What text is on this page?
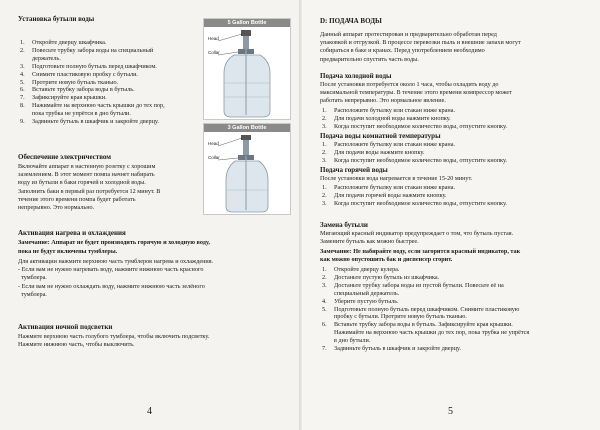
Установка бутыли воды

1. Откройте дверцу шкафчика.
2. Повесьте трубку забора воды на специальный
держатель.
3. Подготовьте полную бутыль перед шкафчиком.
4. Снимите пластиковую пробку с бутыли.
5. Протрите новую бутыль тканью.
6. Вставьте трубку забора воды в бутыль.
7. Зафиксируйте края крышки.
8. Нажимайте на верхнюю часть крышки до тех пор,
пока трубка не упрётся в дно бутыли.
9. Задвиньте бутыль в шкафчик и закройте дверцу.
5 Gallon Bottle
Head
Collar
3 Gallon Bottle
Head
Collar

Обеспечение электричеством

Включайте аппарат в настенную розетку с хорошим

заземлением. В этот момент помпа начнет набирать

воду из бутыли в баки горячей и холодной воды.

Заполнить баки в первый раз потребуется 12 минут. В

течение этого времени помпа будет работать

непрерывно. Это нормально.

Активация нагрева и охлаждения

Замечание: Аппарат не будет производить горячую и холодную воду,

пока не будут включены тумблеры.

Для активации нажмите верхнюю часть тумблеров нагрева и охлаждения.

- Если вам не нужно нагревать воду, нажмите нижнюю часть красного

тумблера.

- Если вам не нужно охлаждать воду, нажмите нижнюю часть зелёного

тумблера.

Активация ночной подсветки

Нажмите верхнюю часть голубого тумблера, чтобы включить подсветку.

Нажмите нижнюю часть, чтобы выключить.

4

D: ПОДАЧА ВОДЫ

Данный аппарат протестирован и предварительно обработан перед

упаковкой и отгрузкой. В процессе перевозки пыль и внешние запахи могут

собираться в баке и кранах. Перед употреблением необходимо

предварительно спустить часть воды.

Подача холодной воды

После установки потребуется около 1 часа, чтобы охладить воду до

максимальной температуры. В течение этого времени компрессор может

работать непрерывно. Это нормальное явление.

1. Расположите бутылку или стакан ниже крана.
2. Для подачи холодной воды нажмите кнопку.
3. Когда поступит необходимое количество воды, отпустите кнопку.

Подача воды комнатной температуры

1. Расположите бутылку или стакан ниже крана.
2. Для подачи воды нажмите кнопку.
3. Когда поступит необходимое количество воды, отпустите кнопку.

Подача горячей воды

После установки вода нагревается в течение 15-20 минут.

1. Расположите бутылку или стакан ниже крана.
2. Для подачи горячей воды нажмите кнопку.
3. Когда поступит необходимое количество воды, отпустите кнопку.

Замена бутыли

Мигающий красный индикатор предупреждает о том, что бутыль пустая.

Замените бутыль как можно быстрее.

Замечание: Не набирайте воду, если загорится красный индикатор, так

как можно опустошить бак и диспенсер сгорит.

1. Откройте дверцу кулера.
2. Достаньте пустую бутыль из шкафчика.
3. Достаньте трубку забора воды из пустой бутыли. Повесьте её на
специальный держатель.
4. Уберите пустую бутыль.
5. Подготовьте полную бутыль перед шкафчиком. Снимите пластиковую
пробку с бутыли. Протрите новую бутыль тканью.
6. Вставьте трубку забора воды в бутыль. Зафиксируйте края крышки.
Нажимайте на верхнюю часть крышки до тех пор, пока трубка не упрётся
в дно бутыли.
7. Задвиньте бутыль в шкафчик и закройте дверцу.
5
